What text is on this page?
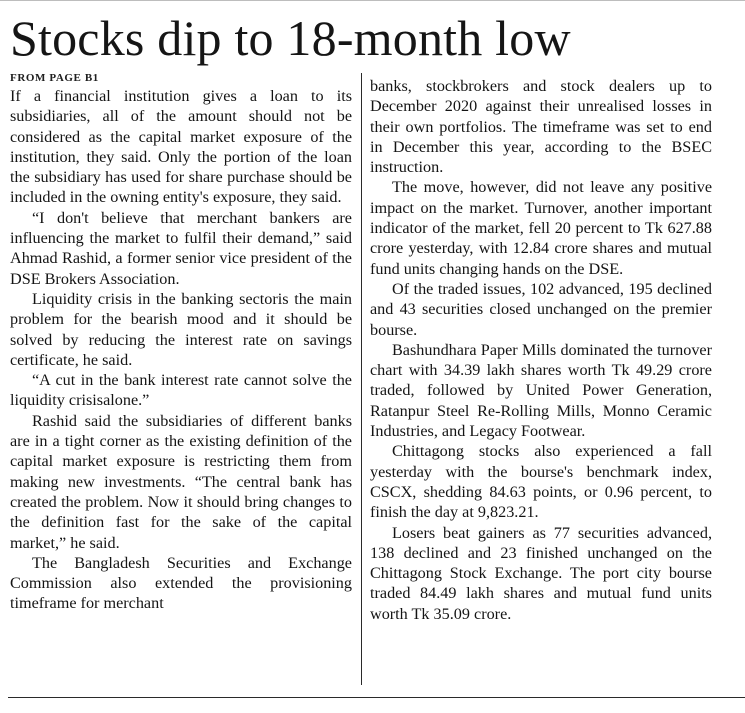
Stocks dip to 18-month low

FROM PAGE B1

If a financial institution gives a loan to its subsidiaries, all of the amount should not be considered as the capital market exposure of the institution, they said. Only the portion of the loan the subsidiary has used for share purchase should be included in the owning entity's exposure, they said.

“I don't believe that merchant bankers are influencing the market to fulfil their demand,” said Ahmad Rashid, a former senior vice president of the DSE Brokers Association.

Liquidity crisis in the banking sectoris the main problem for the bearish mood and it should be solved by reducing the interest rate on savings certificate, he said.

“A cut in the bank interest rate cannot solve the liquidity crisisalone.”

Rashid said the subsidiaries of different banks are in a tight corner as the existing definition of the capital market exposure is restricting them from making new investments. “The central bank has created the problem. Now it should bring changes to the definition fast for the sake of the capital market,” he said.

The Bangladesh Securities and Exchange Commission also extended the provisioning timeframe for merchant

banks, stockbrokers and stock dealers up to December 2020 against their unrealised losses in their own portfolios. The timeframe was set to end in December this year, according to the BSEC instruction.

The move, however, did not leave any positive impact on the market. Turnover, another important indicator of the market, fell 20 percent to Tk 627.88 crore yesterday, with 12.84 crore shares and mutual fund units changing hands on the DSE.

Of the traded issues, 102 advanced, 195 declined and 43 securities closed unchanged on the premier bourse.

Bashundhara Paper Mills dominated the turnover chart with 34.39 lakh shares worth Tk 49.29 crore traded, followed by United Power Generation, Ratanpur Steel Re-Rolling Mills, Monno Ceramic Industries, and Legacy Footwear.

Chittagong stocks also experienced a fall yesterday with the bourse's benchmark index, CSCX, shedding 84.63 points, or 0.96 percent, to finish the day at 9,823.21.

Losers beat gainers as 77 securities advanced, 138 declined and 23 finished unchanged on the Chittagong Stock Exchange. The port city bourse traded 84.49 lakh shares and mutual fund units worth Tk 35.09 crore.
